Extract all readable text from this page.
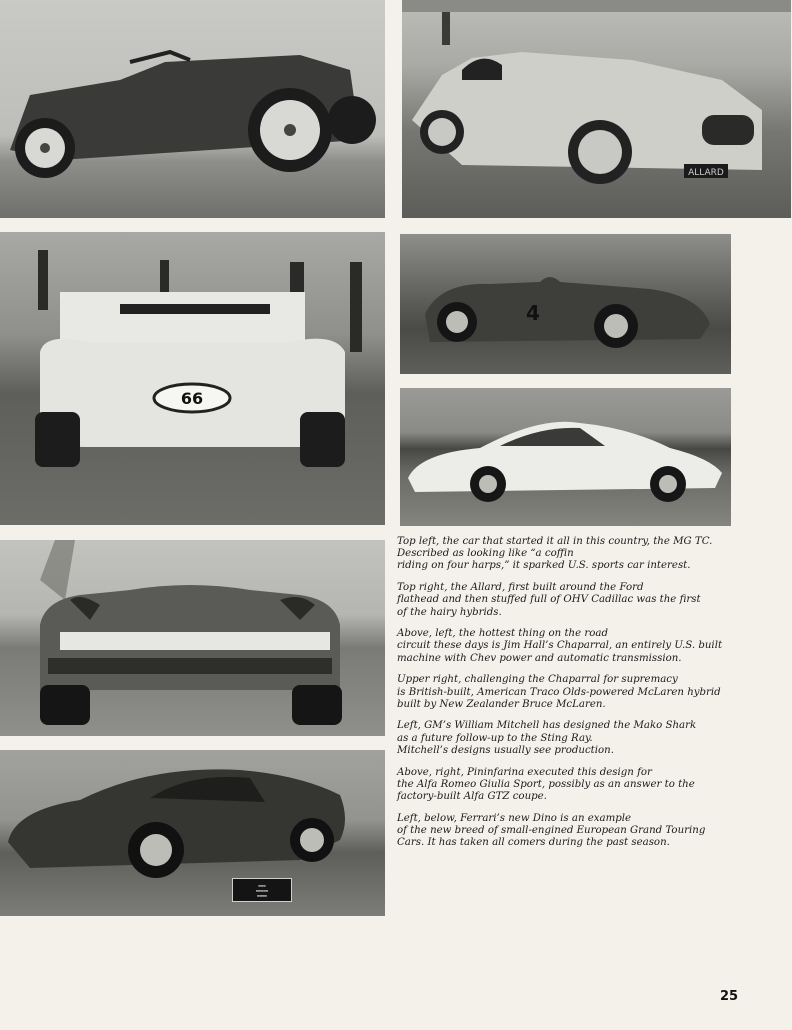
ALLARD
66
4
▬▬▬
▬▬▬▬▬
▬▬▬▬

Top left, the car that started it all in this country, the MG TC.
Described as looking like “a coffin
riding on four harps,” it sparked U.S. sports car interest.

Top right, the Allard, first built around the Ford
flathead and then stuffed full of OHV Cadillac was the first
of the hairy hybrids.

Above, left, the hottest thing on the road
circuit these days is Jim Hall’s Chaparral, an entirely U.S. built
machine with Chev power and automatic transmission.

Upper right, challenging the Chaparral for supremacy
is British-built, American Traco Olds-powered McLaren hybrid
built by New Zealander Bruce McLaren.

Left, GM’s William Mitchell has designed the Mako Shark
as a future follow-up to the Sting Ray.
Mitchell’s designs usually see production.

Above, right, Pininfarina executed this design for
the Alfa Romeo Giulia Sport, possibly as an answer to the
factory-built Alfa GTZ coupe.

Left, below, Ferrari’s new Dino is an example
of the new breed of small-engined European Grand Touring
Cars. It has taken all comers during the past season.

25
